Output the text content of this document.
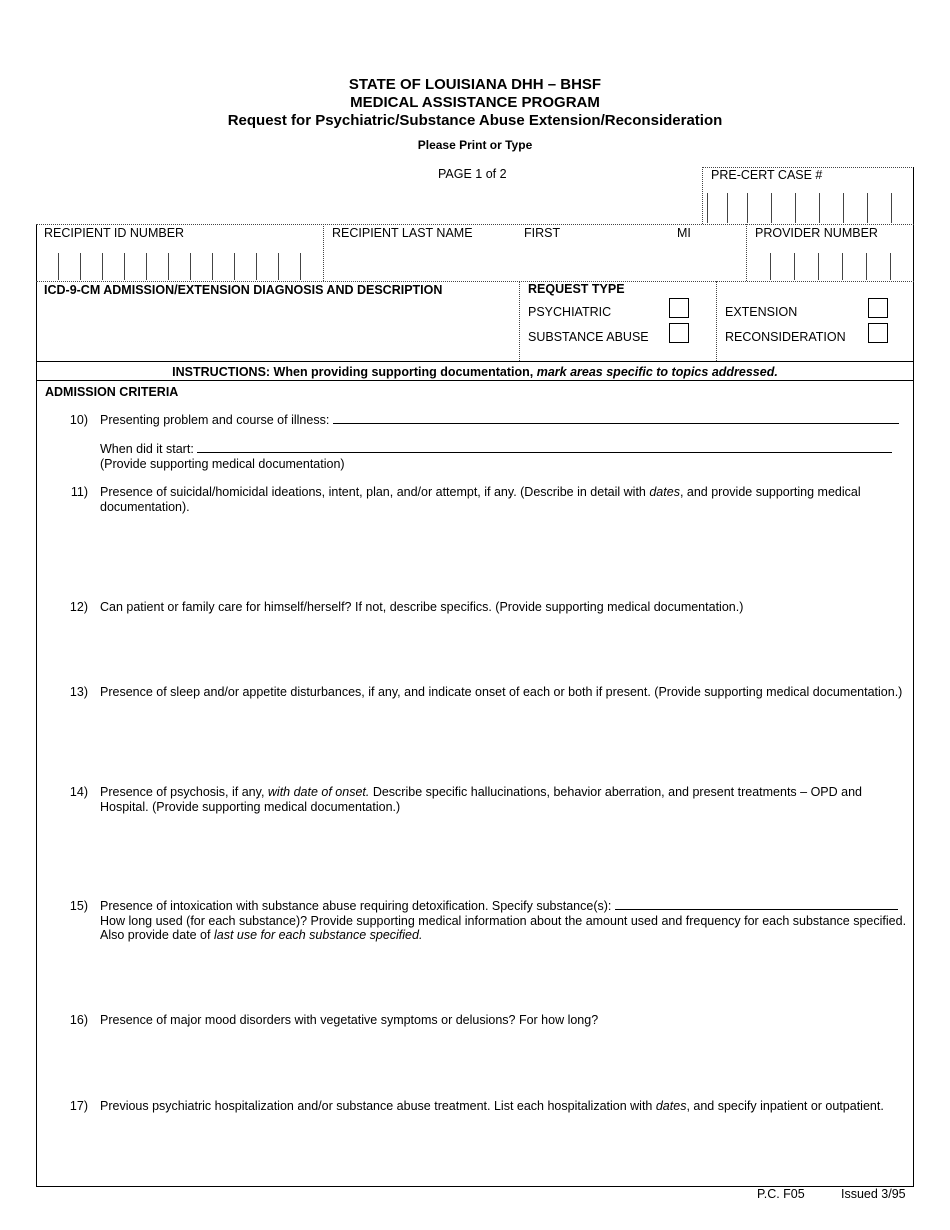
STATE OF LOUISIANA DHH – BHSF
MEDICAL ASSISTANCE PROGRAM
Request for Psychiatric/Substance Abuse Extension/Reconsideration
Please Print or Type
PAGE 1 of 2	PRE-CERT CASE #
RECIPIENT ID NUMBER	RECIPIENT LAST NAME	FIRST	MI	PROVIDER NUMBER
ICD-9-CM ADMISSION/EXTENSION DIAGNOSIS AND DESCRIPTION	REQUEST TYPE
PSYCHIATRIC
SUBSTANCE ABUSE
EXTENSION
RECONSIDERATION
INSTRUCTIONS: When providing supporting documentation, mark areas specific to topics addressed.
ADMISSION CRITERIA
10) Presenting problem and course of illness:
When did it start:
(Provide supporting medical documentation)
11) Presence of suicidal/homicidal ideations, intent, plan, and/or attempt, if any. (Describe in detail with dates, and provide supporting medical
documentation).
12) Can patient or family care for himself/herself? If not, describe specifics. (Provide supporting medical documentation.)
13) Presence of sleep and/or appetite disturbances, if any, and indicate onset of each or both if present. (Provide supporting medical documentation.)
14) Presence of psychosis, if any, with date of onset. Describe specific hallucinations, behavior aberration, and present treatments – OPD and
Hospital. (Provide supporting medical documentation.)
15) Presence of intoxication with substance abuse requiring detoxification. Specify substance(s):
How long used (for each substance)? Provide supporting medical information about the amount used and frequency for each substance specified.
Also provide date of last use for each substance specified.
16) Presence of major mood disorders with vegetative symptoms or delusions? For how long?
17) Previous psychiatric hospitalization and/or substance abuse treatment. List each hospitalization with dates, and specify inpatient or outpatient.
P.C. F05	Issued 3/95
